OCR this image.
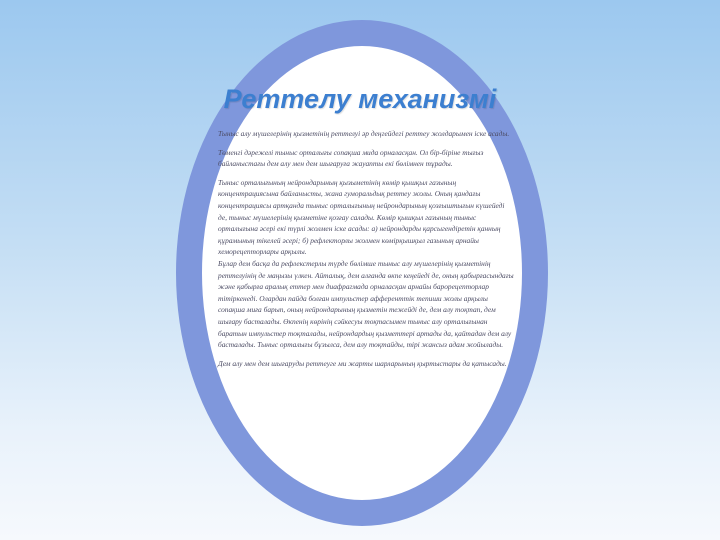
Реттелу механизмі

Тыныс алу мүшелерінің қызметінің реттелуі әр деңгейдегі реттеу жолдарымен іске асады.

Төменгі дәрежелі тыныс орталығы сопақша мида орналасқан. Ол бір-біріне тығыз байланыстағы дем алу мен дем шығаруға жауапты екі бөлімнен тұрады.

Тыныс орталығының нейрондарының қызыметінің көмір қышқыл газының концентрациясына байланысты, жана гуморальдық реттеу жолы. Оның қандағы концентрациясы артқанда тыныс орталығының нейрондарының қозғыштығын күшейеді де, тыныс мүшелерінің қызметіне қозғау салады. Көмір қышқыл газының тыныс орталығына әсері екі түрлі жолмен іске асады: а) нейрондарды қарсыгендіретін қанның құрамының тікелей әсері; б) рефлекторлы жолмен көмірқышқыл газының арнайы хеморецепторлары арқылы.

Бұлар дем басқа да рефлекстерлы түрде бөлімше тыныс алу мүшелерінің қызметінің реттелуінің де маңызы үлкен. Айталық, дем алғанда өкпе кеңейеді де, оның қабырғасындағы және қабырға аралық еттер мен диафрагмада орналасқан арнайы барорецепторлар тітіркенеді. Олардан пайда болған импульстер афференттік тепиши жолы арқылы сопақша миға барып, оның нейрондарының қызметін тежейді де, дем алу тоқтап, дем шығару басталады. Өкпенің көрінің сәйкесуы тоқтасымен тыныс алу орталығынан баратын импульстер тоқталады, нейрондардың қызметтері артады да, қайтадан дем алу басталады. Тыныс орталығы бұзылса, дем алу тоқтайды, тірі жансыз адам жойылады.

Дем алу мен дем шығаруды реттеуге ми жарты шарларының қыртыстары да қатысады.
